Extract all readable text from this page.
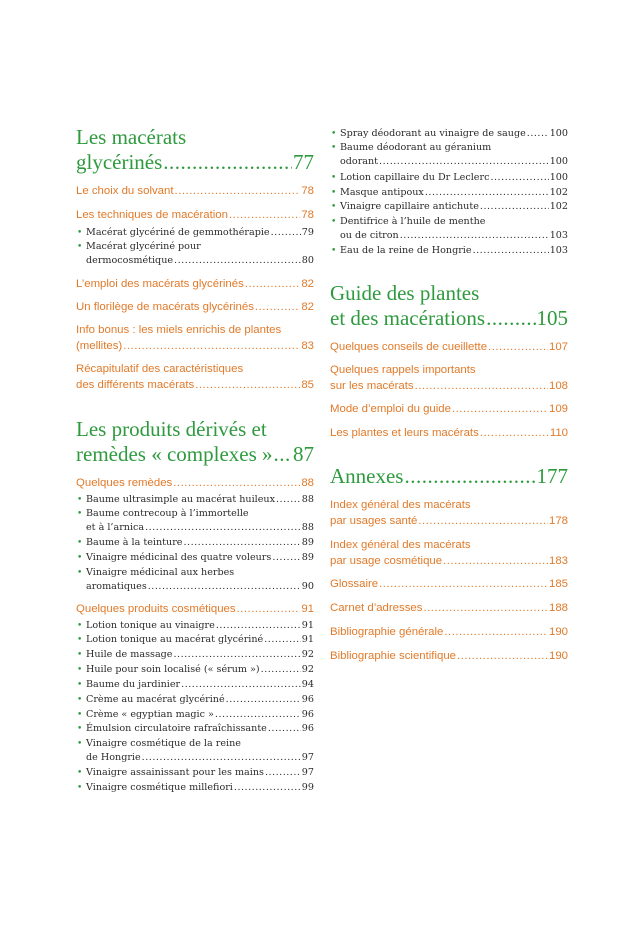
Les macérats
glycérinés .....	77
Le choix du solvant .....	78
Les techniques de macération .....	78
• Macérat glycériné de gemmothérapie .....	79
• Macérat glycériné pour
dermocosmétique .....	80
L’emploi des macérats glycérinés .....	82
Un florilège de macérats glycérinés .....	82
Info bonus : les miels enrichis de plantes
(mellites) .....	83
Récapitulatif des caractéristiques
des différents macérats .....	85
Les produits dérivés et
remèdes « complexes » ..... 87
Quelques remèdes .....	88
• Baume ultrasimple au macérat huileux .....	88
• Baume contrecoup à l’immortelle
et à l’arnica .....	88
• Baume à la teinture .....	89
• Vinaigre médicinal des quatre voleurs .....	89
• Vinaigre médicinal aux herbes
aromatiques .....	90
Quelques produits cosmétiques .....	91
• Lotion tonique au vinaigre .....	91
• Lotion tonique au macérat glycériné .....	91
• Huile de massage .....	92
• Huile pour soin localisé (« sérum ») .....	92
• Baume du jardinier .....	94
• Crème au macérat glycériné .....	96
• Crème « egyptian magic » .....	96
• Émulsion circulatoire rafraîchissante .....	96
• Vinaigre cosmétique de la reine
de Hongrie .....	97
• Vinaigre assainissant pour les mains .....	97
• Vinaigre cosmétique millefiori .....	99
• Spray déodorant au vinaigre de sauge ..... 100
• Baume déodorant au géranium
odorant .....	100
• Lotion capillaire du Dr Leclerc .....	100
• Masque antipoux .....	102
• Vinaigre capillaire antichute .....	102
• Dentifrice à l’huile de menthe
ou de citron .....	103
• Eau de la reine de Hongrie .....	103
Guide des plantes
et des macérations ..... 105
Quelques conseils de cueillette .....	107
Quelques rappels importants
sur les macérats .....	108
Mode d’emploi du guide .....	109
Les plantes et leurs macérats .....	110
Annexes .....	177
Index général des macérats
par usages santé .....	178
Index général des macérats
par usage cosmétique .....	183
Glossaire .....	185
Carnet d’adresses .....	188
Bibliographie générale .....	190
Bibliographie scientifique .....	190
